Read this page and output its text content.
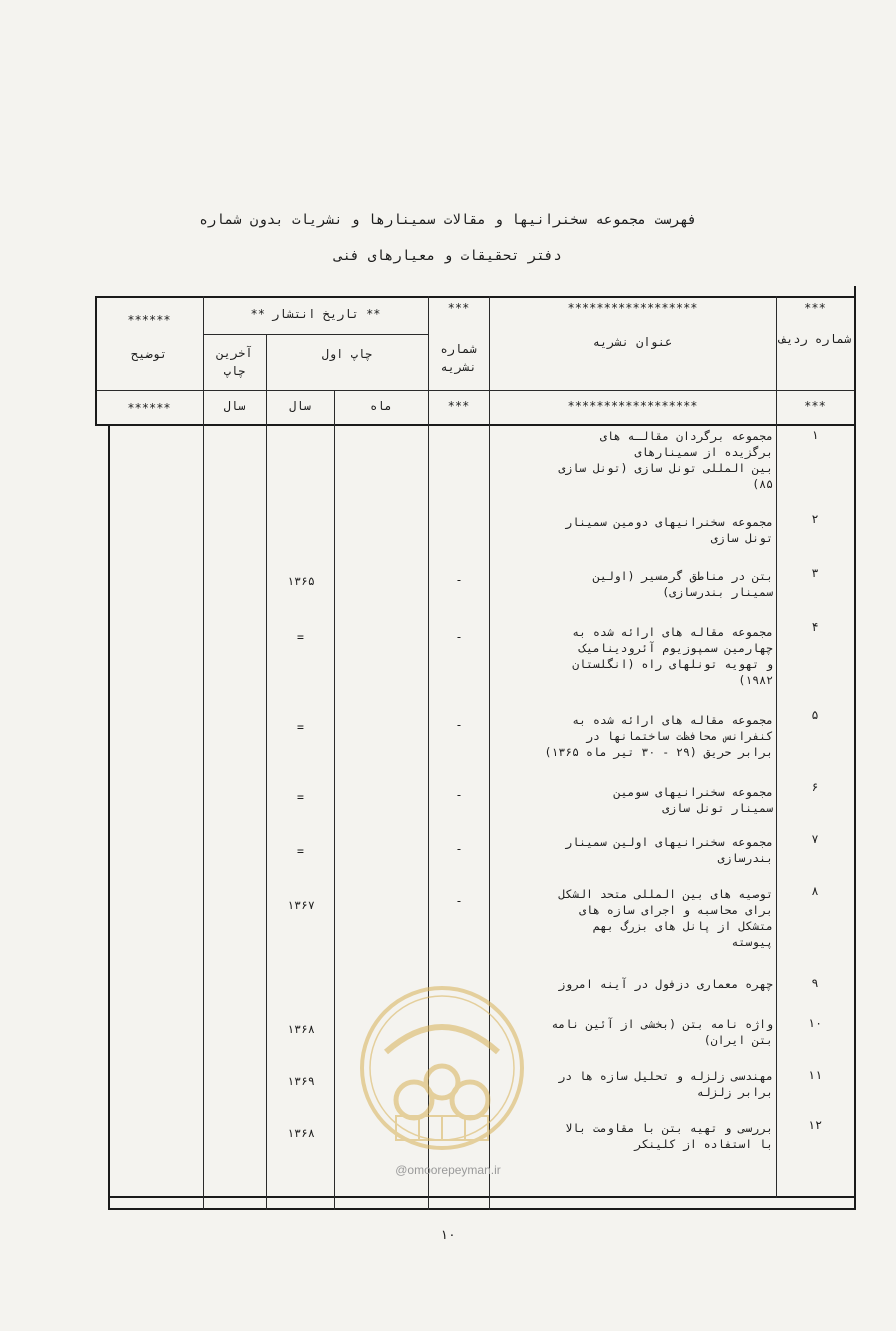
فهرست مجموعه سخنرانیها و مقالات سمینارها و نشریات بدون شماره
دفتر تحقیقات و معیارهای فنی
***
شماره ردیف
***
******************
عنوان نشریه
******************
***
شماره نشریه
***
** تاریخ انتشار **
چاپ اول
آخرین چاپ
ماه
سال
سال
******
توضیح
******
۱
مجموعه برگردان مقالـه های
برگزیده از سمینارهای
بین المللی تونل سازی (تونل سازی
۸۵)
۲
مجموعه سخنرانیهای دومین سمینار
تونل سازی
۳
بتن در مناطق گرمسیر (اولین
سمینار بندرسازی)
-
۱۳۶۵
۴
مجموعه مقاله های ارائه شده به
چهارمین سمپوزیوم آئرودینامیک
و تهویه تونلهای راه (انگلستان
۱۹۸۲)
-
=
۵
مجموعه مقاله های ارائه شده به
کنفرانس محافظت ساختمانها در
برابر حریق (۲۹ - ۳۰ تیر ماه ۱۳۶۵)
-
=
۶
مجموعه سخنرانیهای سومین
سمینار تونل سازی
-
=
۷
مجموعه سخنرانیهای اولین سمینار
بندرسازی
-
=
۸
توصیه های بین المللی متحد الشکل
برای محاسبه و اجرای سازه های
متشکل از پانل های بزرگ بهم
پیوسته
-
۱۳۶۷
۹
چهره معماری دزفول در آینه امروز
۱۰
واژه نامه بتن (بخشی از آئین نامه
بتن ایران)
۱۳۶۸
۱۱
مهندسی زلزله و تحلیل سازه ها در
برابر زلزله
۱۳۶۹
۱۲
بررسی و تهیه بتن با مقاومت بالا
با استفاده از کلینکر
۱۳۶۸
@omoorepeyman.ir
۱۰
